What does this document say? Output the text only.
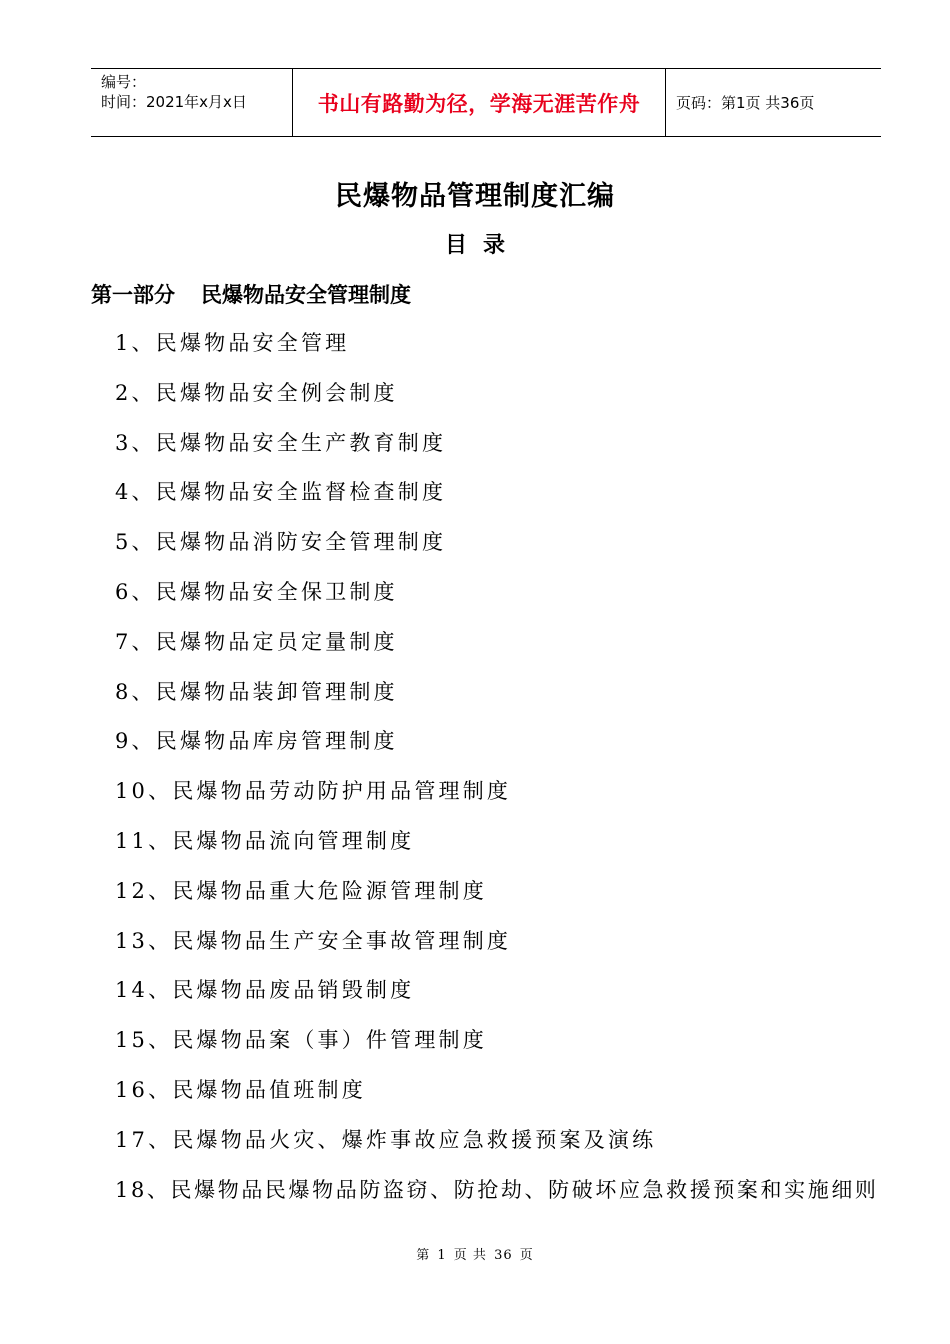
编号：
时间：2021年x月x日	书山有路勤为径，学海无涯苦作舟 页码：第1页 共36页
民爆物品管理制度汇编
目 录
第一部分 民爆物品安全管理制度
1、民爆物品安全管理
2、民爆物品安全例会制度
3、民爆物品安全生产教育制度
4、民爆物品安全监督检查制度
5、民爆物品消防安全管理制度
6、民爆物品安全保卫制度
7、民爆物品定员定量制度
8、民爆物品装卸管理制度
9、民爆物品库房管理制度
10、民爆物品劳动防护用品管理制度
11、民爆物品流向管理制度
12、民爆物品重大危险源管理制度
13、民爆物品生产安全事故管理制度
14、民爆物品废品销毁制度
15、民爆物品案（事）件管理制度
16、民爆物品值班制度
17、民爆物品火灾、爆炸事故应急救援预案及演练
18、民爆物品民爆物品防盗窃、防抢劫、防破坏应急救援预案和实施细则
第 1 页 共 36 页
